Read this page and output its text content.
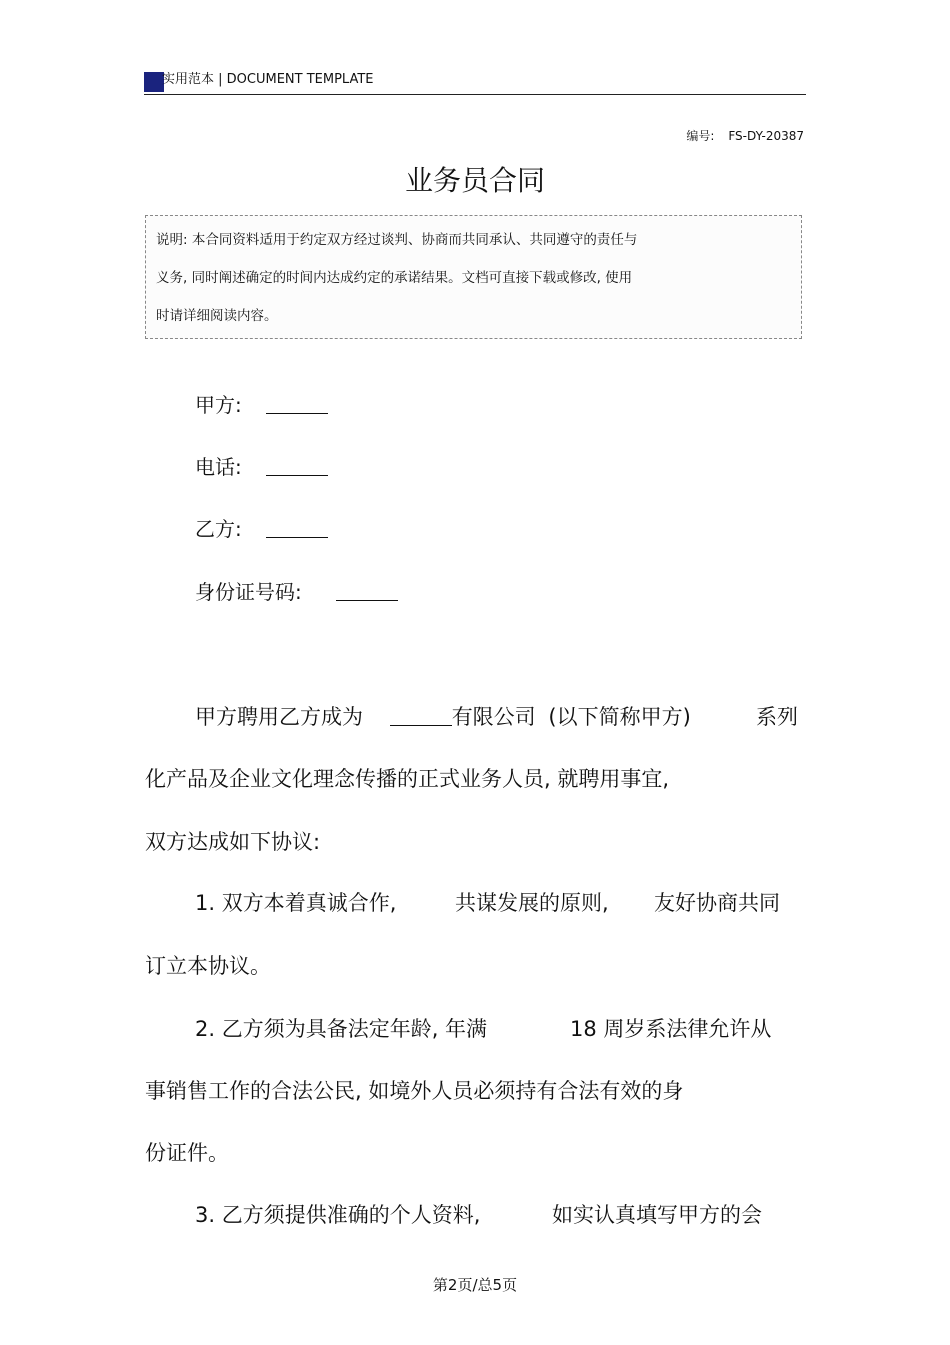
实用范本 | DOCUMENT TEMPLATE
编号: FS-DY-20387
业务员合同
说明: 本合同资料适用于约定双方经过谈判、协商而共同承认、共同遵守的责任与
义务, 同时阐述确定的时间内达成约定的承诺结果。文档可直接下载或修改, 使用
时请详细阅读内容。
甲方:
电话:
乙方:
身份证号码:
甲方聘用乙方成为	有限公司 (以下简称甲方)	系列
化产品及企业文化理念传播的正式业务人员, 就聘用事宜,
双方达成如下协议:
1. 双方本着真诚合作,	共谋发展的原则, 友好协商共同
订立本协议。
2. 乙方须为具备法定年龄, 年满	18 周岁系法律允许从
事销售工作的合法公民, 如境外人员必须持有合法有效的身
份证件。
3. 乙方须提供准确的个人资料,	如实认真填写甲方的会
第2页/总5页
